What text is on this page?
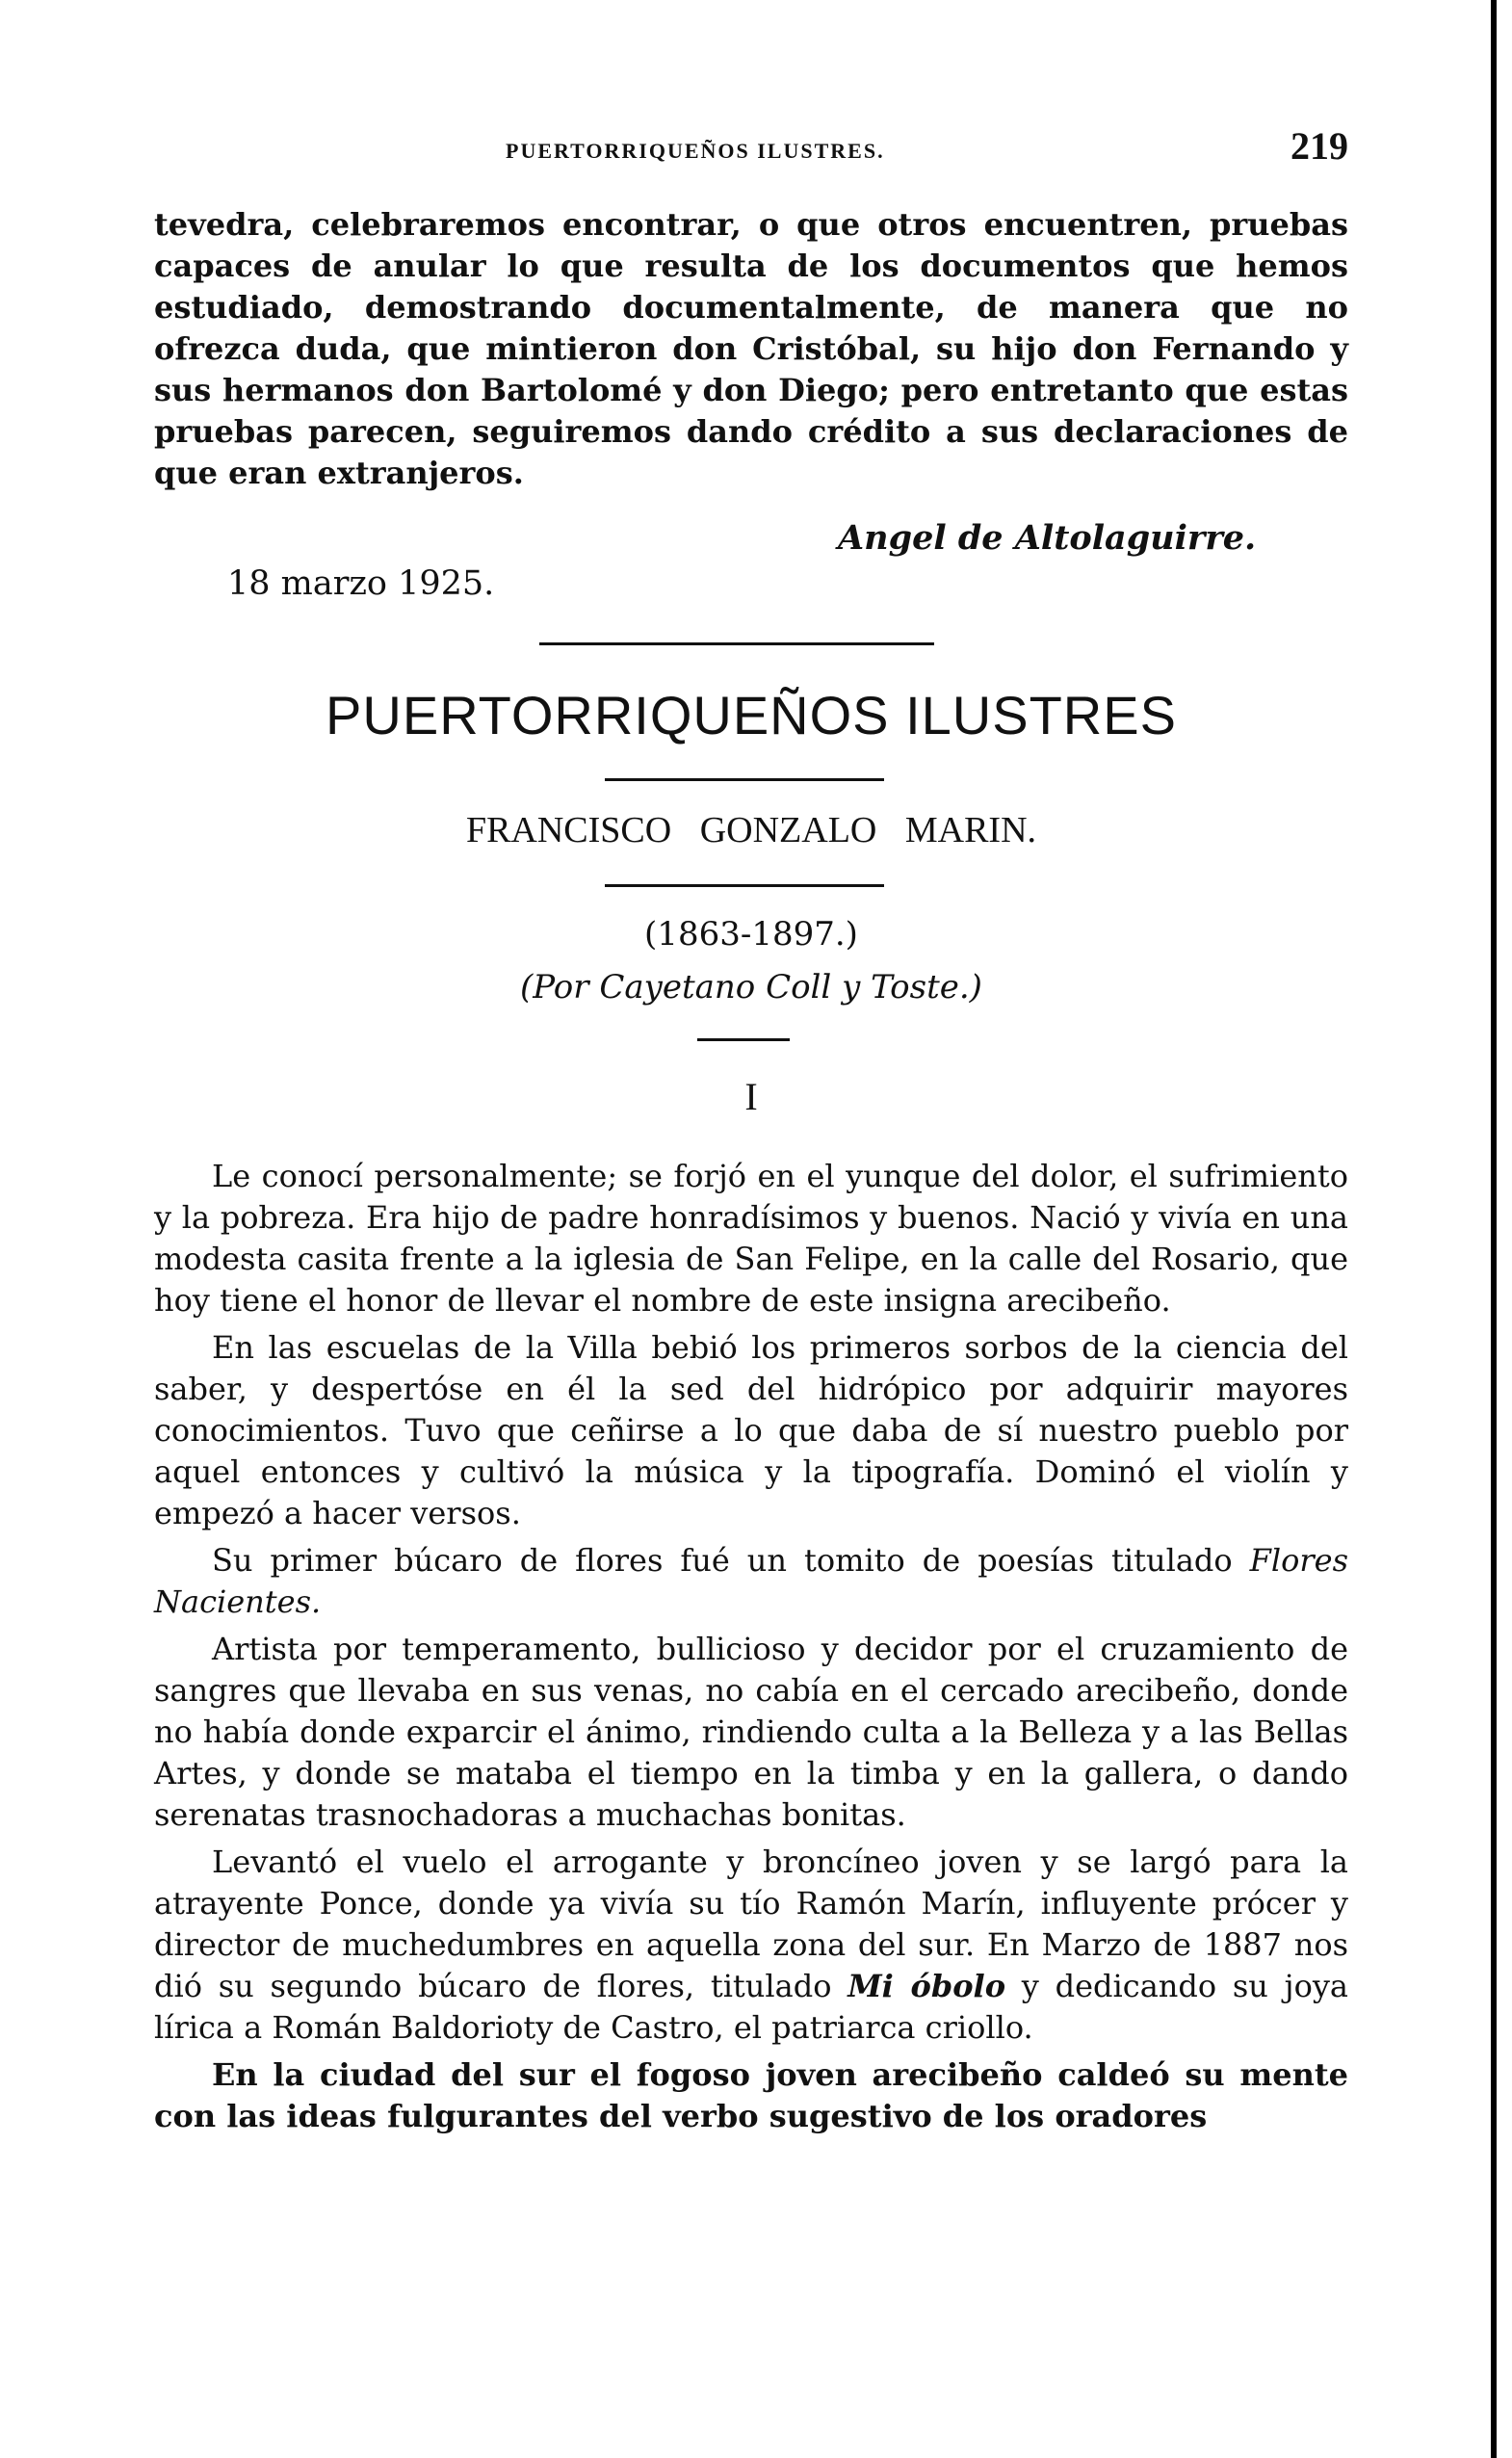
PUERTORRIQUEÑOS ILUSTRES.	219

tevedra, celebraremos encontrar, o que otros encuentren, pruebas capaces de anular lo que resulta de los documentos que hemos estudiado, demostrando documentalmente, de manera que no ofrezca duda, que mintieron don Cristóbal, su hijo don Fernando y sus hermanos don Bartolomé y don Diego; pero entretanto que estas pruebas parecen, seguiremos dando crédito a sus declaraciones de que eran extranjeros.

Angel de Altolaguirre.
18 marzo 1925.
PUERTORRIQUEÑOS ILUSTRES
FRANCISCO GONZALO MARIN.
(1863-1897.)
(Por Cayetano Coll y Toste.)
I

Le conocí personalmente; se forjó en el yunque del dolor, el sufrimiento y la pobreza. Era hijo de padre honradísimos y buenos. Nació y vivía en una modesta casita frente a la iglesia de San Felipe, en la calle del Rosario, que hoy tiene el honor de llevar el nombre de este insigna arecibeño.

En las escuelas de la Villa bebió los primeros sorbos de la ciencia del saber, y despertóse en él la sed del hidrópico por adquirir mayores conocimientos. Tuvo que ceñirse a lo que daba de sí nuestro pueblo por aquel entonces y cultivó la música y la tipografía. Dominó el violín y empezó a hacer versos.

Su primer búcaro de flores fué un tomito de poesías titulado Flores Nacientes.

Artista por temperamento, bullicioso y decidor por el cruzamiento de sangres que llevaba en sus venas, no cabía en el cercado arecibeño, donde no había donde exparcir el ánimo, rindiendo culta a la Belleza y a las Bellas Artes, y donde se mataba el tiempo en la timba y en la gallera, o dando serenatas trasnochadoras a muchachas bonitas.

Levantó el vuelo el arrogante y broncíneo joven y se largó para la atrayente Ponce, donde ya vivía su tío Ramón Marín, influyente prócer y director de muchedumbres en aquella zona del sur. En Marzo de 1887 nos dió su segundo búcaro de flores, titulado Mi óbolo y dedicando su joya lírica a Román Baldorioty de Castro, el patriarca criollo.

En la ciudad del sur el fogoso joven arecibeño caldeó su mente con las ideas fulgurantes del verbo sugestivo de los oradores
